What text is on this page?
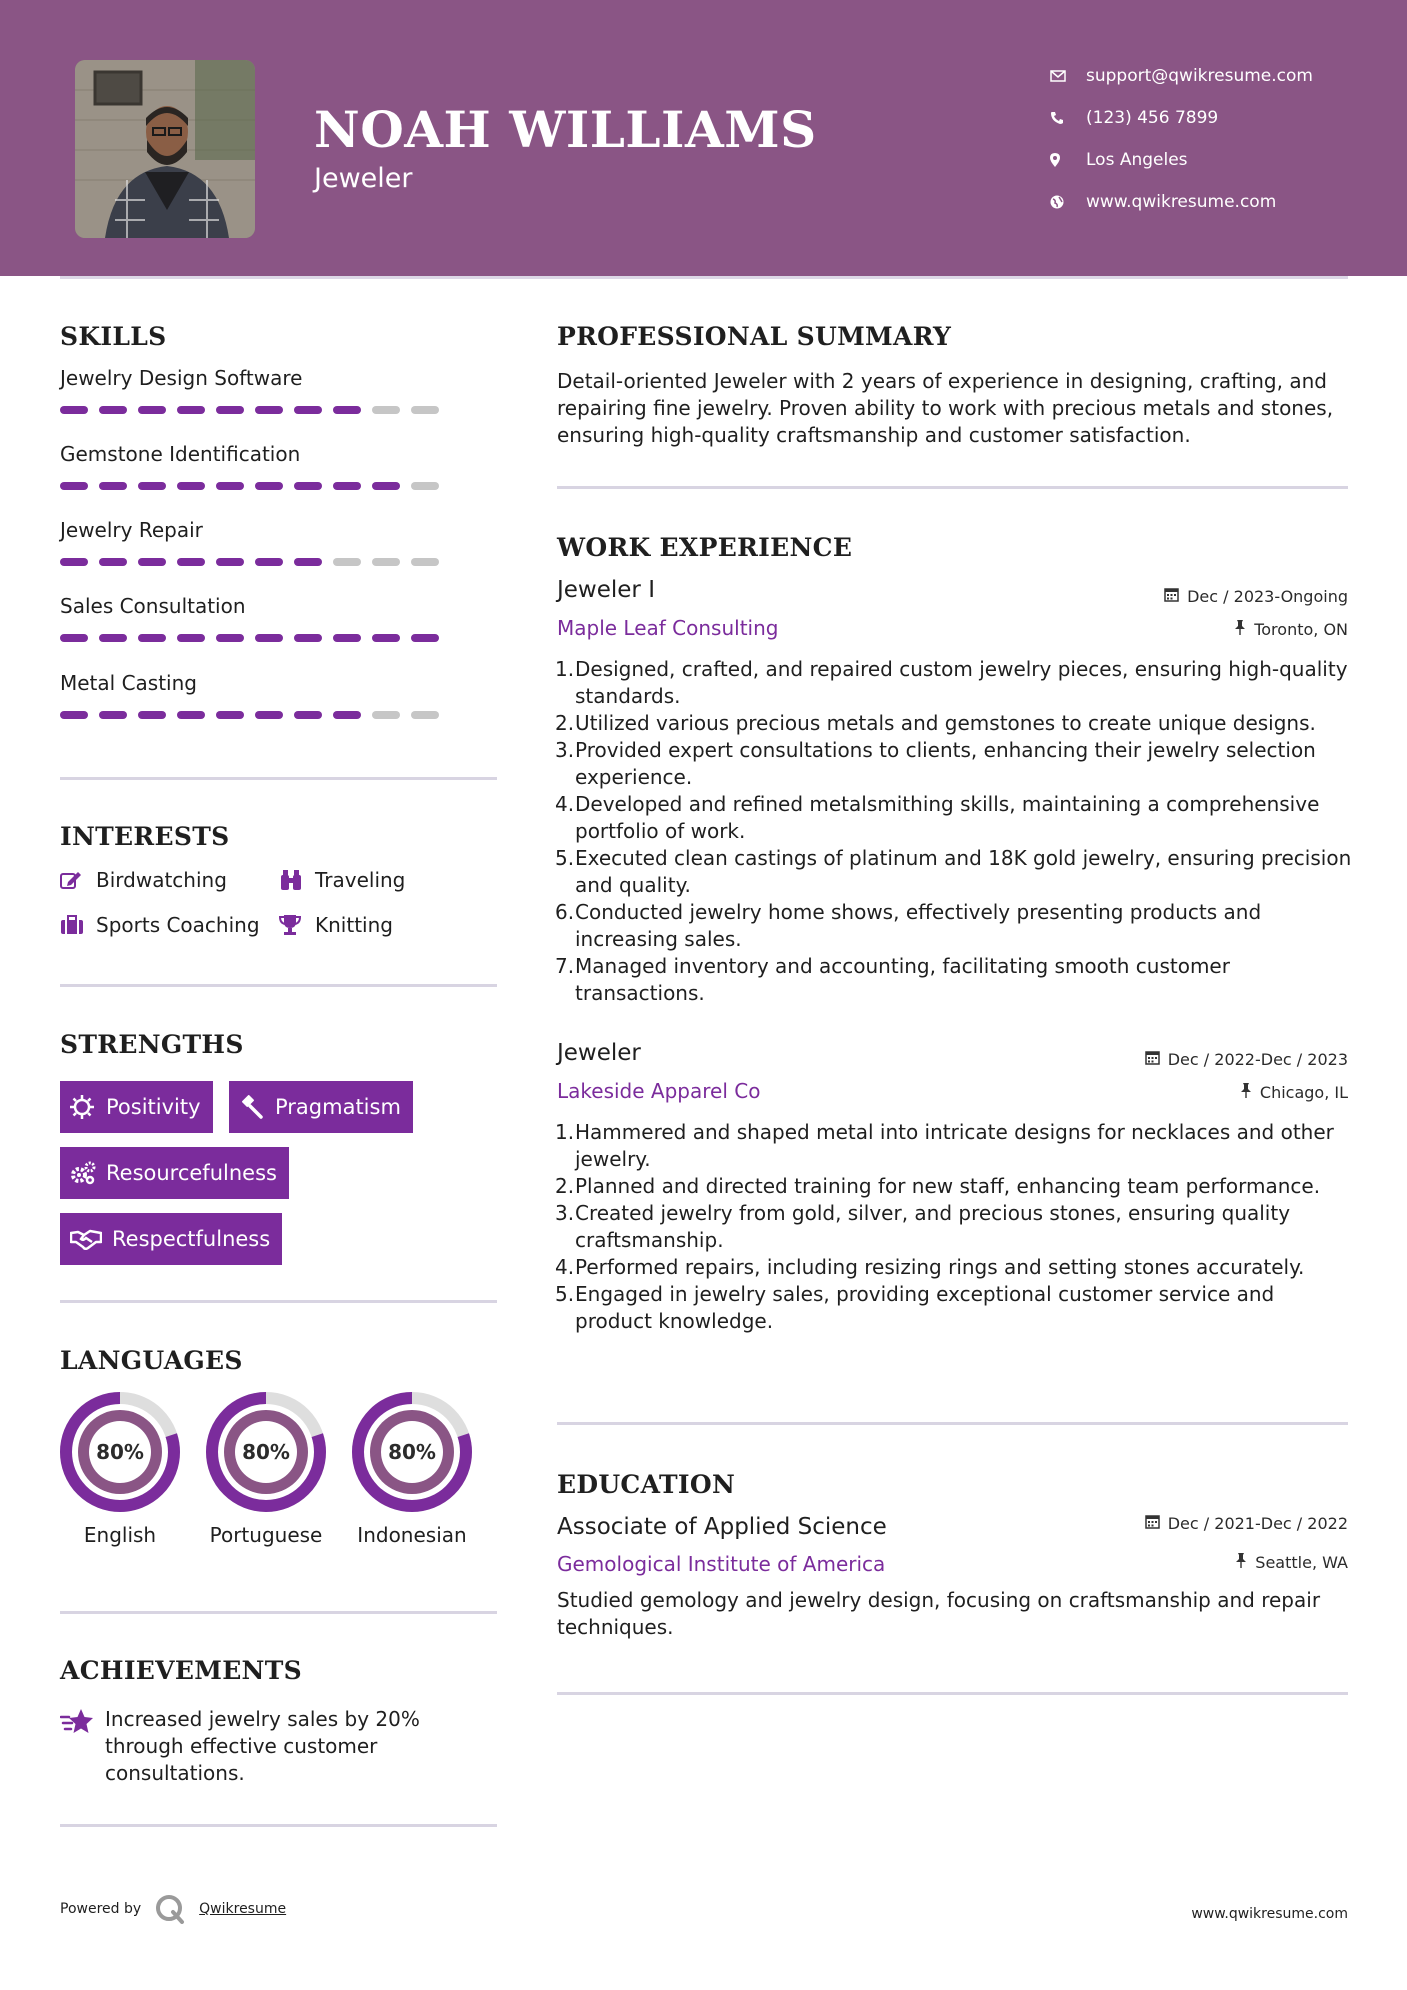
NOAH WILLIAMS
Jeweler
support@qwikresume.com
(123) 456 7899
Los Angeles
www.qwikresume.com
SKILLS
Jewelry Design Software
Gemstone Identification
Jewelry Repair
Sales Consultation
Metal Casting
INTERESTS
Birdwatching	Traveling
Sports Coaching	Knitting
STRENGTHS
Positivity	Pragmatism
Resourcefulness
Respectfulness
LANGUAGES
80%
English
80%
Portuguese
80%
Indonesian
ACHIEVEMENTS
Increased jewelry sales by 20% through effective customer consultations.
PROFESSIONAL SUMMARY
Detail-oriented Jeweler with 2 years of experience in designing, crafting, and repairing fine jewelry. Proven ability to work with precious metals and stones, ensuring high-quality craftsmanship and customer satisfaction.
WORK EXPERIENCE
Jeweler I	Dec / 2023-Ongoing
Maple Leaf Consulting	Toronto, ON
1. Designed, crafted, and repaired custom jewelry pieces, ensuring high-quality standards.
2. Utilized various precious metals and gemstones to create unique designs.
3. Provided expert consultations to clients, enhancing their jewelry selection experience.
4. Developed and refined metalsmithing skills, maintaining a comprehensive portfolio of work.
5. Executed clean castings of platinum and 18K gold jewelry, ensuring precision and quality.
6. Conducted jewelry home shows, effectively presenting products and increasing sales.
7. Managed inventory and accounting, facilitating smooth customer transactions.
Jeweler	Dec / 2022-Dec / 2023
Lakeside Apparel Co	Chicago, IL
1. Hammered and shaped metal into intricate designs for necklaces and other jewelry.
2. Planned and directed training for new staff, enhancing team performance.
3. Created jewelry from gold, silver, and precious stones, ensuring quality craftsmanship.
4. Performed repairs, including resizing rings and setting stones accurately.
5. Engaged in jewelry sales, providing exceptional customer service and product knowledge.
EDUCATION
Associate of Applied Science	Dec / 2021-Dec / 2022
Gemological Institute of America	Seattle, WA
Studied gemology and jewelry design, focusing on craftsmanship and repair techniques.
Powered by	Qwikresume	www.qwikresume.com
